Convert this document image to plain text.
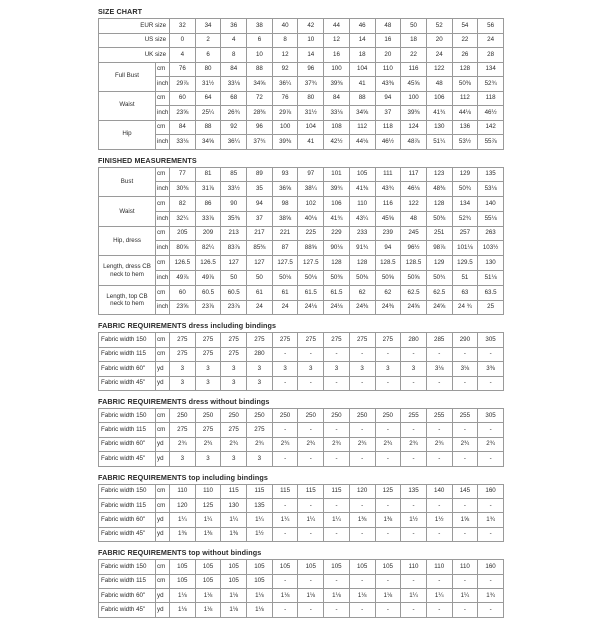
SIZE CHART
EUR size		32	34	36	38	40	42	44	46	48	50	52	54	56
US size		0	2	4	6	8	10	12	14	16	18	20	22	24
UK size		4	6	8	10	12	14	16	18	20	22	24	26	28
Full Bust	cm	76	80	84	88	92	96	100	104	110	116	122	128	134
	inch	29⅞	31½	33⅛	34⅝	36¼	37¾	39⅜	41	43⅜	45⅝	48	50⅜	52¾
Waist	cm	60	64	68	72	76	80	84	88	94	100	106	112	118
	inch	23⅝	25¼	26¾	28⅜	29⅞	31½	33⅛	34⅝	37	39⅜	41¾	44⅛	46½
Hip	cm	84	88	92	96	100	104	108	112	118	124	130	136	142
	inch	33⅛	34⅝	36¼	37¾	39⅜	41	42½	44⅛	46½	48⅞	51¼	53½	55⅞
FINISHED MEASUREMENTS
Bust	cm	77	81	85	89	93	97	101	105	111	117	123	129	135
	inch	30⅜	31⅞	33½	35	36⅝	38¼	39¾	41⅜	43¾	46⅛	48⅜	50¾	53⅛
Waist	cm	82	86	90	94	98	102	106	110	116	122	128	134	140
	inch	32¼	33⅞	35⅜	37	38⅝	40⅛	41¾	43¼	45⅝	48	50⅜	52¾	55⅛
Hip, dress	cm	205	209	213	217	221	225	229	233	239	245	251	257	263
	inch	80⅝	82¼	83⅞	85⅜	87	88⅝	90⅛	91¾	94	96½	98⅞	101⅛	103½
Length, dress CB neck to hem	cm	126.5	126.5	127	127	127.5	127.5	128	128	128.5	128.5	129	129.5	130
	inch	49⅞	49⅞	50	50	50⅛	50⅛	50⅜	50⅜	50⅝	50⅝	50¾	51	51⅛
Length, top CB neck to hem	cm	60	60.5	60.5	61	61	61.5	61.5	62	62	62.5	62.5	63	63.5
	inch	23⅝	23⅞	23⅞	24	24	24⅛	24⅛	24⅜	24⅜	24⅝	24⅝	24 ¾	25
FABRIC REQUIREMENTS dress including bindings
Fabric width 150	cm	275	275	275	275	275	275	275	275	275	280	285	290	305
Fabric width 115	cm	275	275	275	280	-	-	-	-	-	-	-	-	-
Fabric width 60"	yd	3	3	3	3	3	3	3	3	3	3	3⅛	3⅛	3⅜
Fabric width 45"	yd	3	3	3	3	-	-	-	-	-	-	-	-	-
FABRIC REQUIREMENTS dress without bindings
Fabric width 150	cm	250	250	250	250	250	250	250	250	250	255	255	255	305
Fabric width 115	cm	275	275	275	275	-	-	-	-	-	-	-	-	-
Fabric width 60"	yd	2¾	2¾	2¾	2¾	2¾	2¾	2¾	2¾	2¾	2¾	2¾	2¾	2¾
Fabric width 45"	yd	3	3	3	3	-	-	-	-	-	-	-	-	-
FABRIC REQUIREMENTS top including bindings
Fabric width 150	cm	110	110	115	115	115	115	115	120	125	135	140	145	160
Fabric width 115	cm	120	125	130	135	-	-	-	-	-	-	-	-	-
Fabric width 60"	yd	1¼	1¼	1¼	1¼	1¼	1¼	1¼	1⅜	1⅜	1½	1½	1⅝	1¾
Fabric width 45"	yd	1⅜	1⅜	1⅜	1½	-	-	-	-	-	-	-	-	-
FABRIC REQUIREMENTS top without bindings
Fabric width 150	cm	105	105	105	105	105	105	105	105	105	110	110	110	160
Fabric width 115	cm	105	105	105	105	-	-	-	-	-	-	-	-	-
Fabric width 60"	yd	1⅛	1⅛	1⅛	1⅛	1⅛	1⅛	1⅛	1⅛	1⅛	1¼	1¼	1¼	1¾
Fabric width 45"	yd	1⅛	1⅛	1⅛	1⅛	-	-	-	-	-	-	-	-	-
